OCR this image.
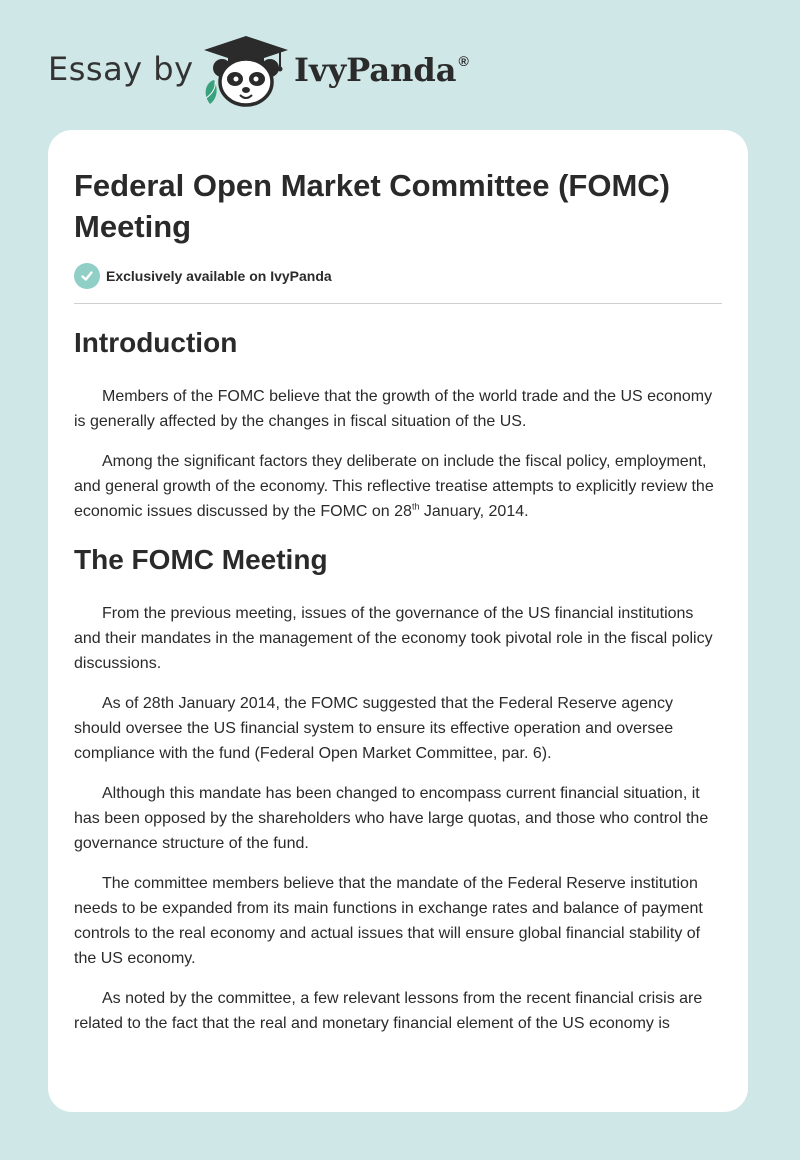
Essay by	IvyPanda ®
Federal Open Market Committee (FOMC) Meeting
Exclusively available on IvyPanda
Introduction

Members of the FOMC believe that the growth of the world trade and the US economy is generally affected by the changes in fiscal situation of the US.

Among the significant factors they deliberate on include the fiscal policy, employment, and general growth of the economy. This reflective treatise attempts to explicitly review the economic issues discussed by the FOMC on 28th January, 2014.

The FOMC Meeting

From the previous meeting, issues of the governance of the US financial institutions and their mandates in the management of the economy took pivotal role in the fiscal policy discussions.

As of 28th January 2014, the FOMC suggested that the Federal Reserve agency should oversee the US financial system to ensure its effective operation and oversee compliance with the fund (Federal Open Market Committee, par. 6).

Although this mandate has been changed to encompass current financial situation, it has been opposed by the shareholders who have large quotas, and those who control the governance structure of the fund.

The committee members believe that the mandate of the Federal Reserve institution needs to be expanded from its main functions in exchange rates and balance of payment controls to the real economy and actual issues that will ensure global financial stability of the US economy.

As noted by the committee, a few relevant lessons from the recent financial crisis are related to the fact that the real and monetary financial element of the US economy is
